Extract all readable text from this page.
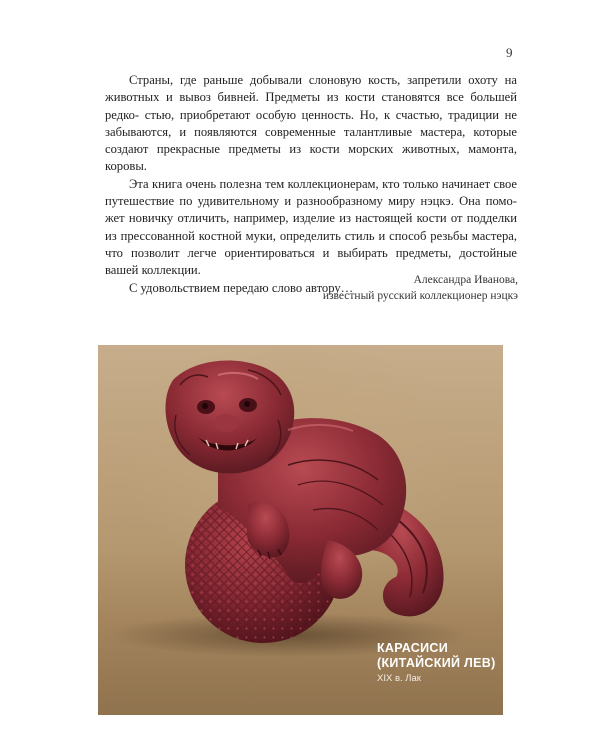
9

Страны, где раньше добывали слоновую кость, запретили охоту на животных и вывоз бивней. Предметы из кости становятся все большей редко- стью, приобретают особую ценность. Но, к счастью, традиции не забываются, и появляются современные талантливые мастера, которые создают прекрасные предметы из кости морских животных, мамонта, коровы.

Эта книга очень полезна тем коллекционерам, кто только начинает свое путешествие по удивительному и разнообразному миру нэцкэ. Она помо- жет новичку отличить, например, изделие из настоящей кости от подделки из прессованной костной муки, определить стиль и способ резьбы мастера, что позволит легче ориентироваться и выбирать предметы, достойные вашей коллекции.

С удовольствием передаю слово автору…

Александра Иванова,
известный русский коллекционер нэцкэ
КАРАСИСИ
(КИТАЙСКИЙ ЛЕВ)
XIX в. Лак
